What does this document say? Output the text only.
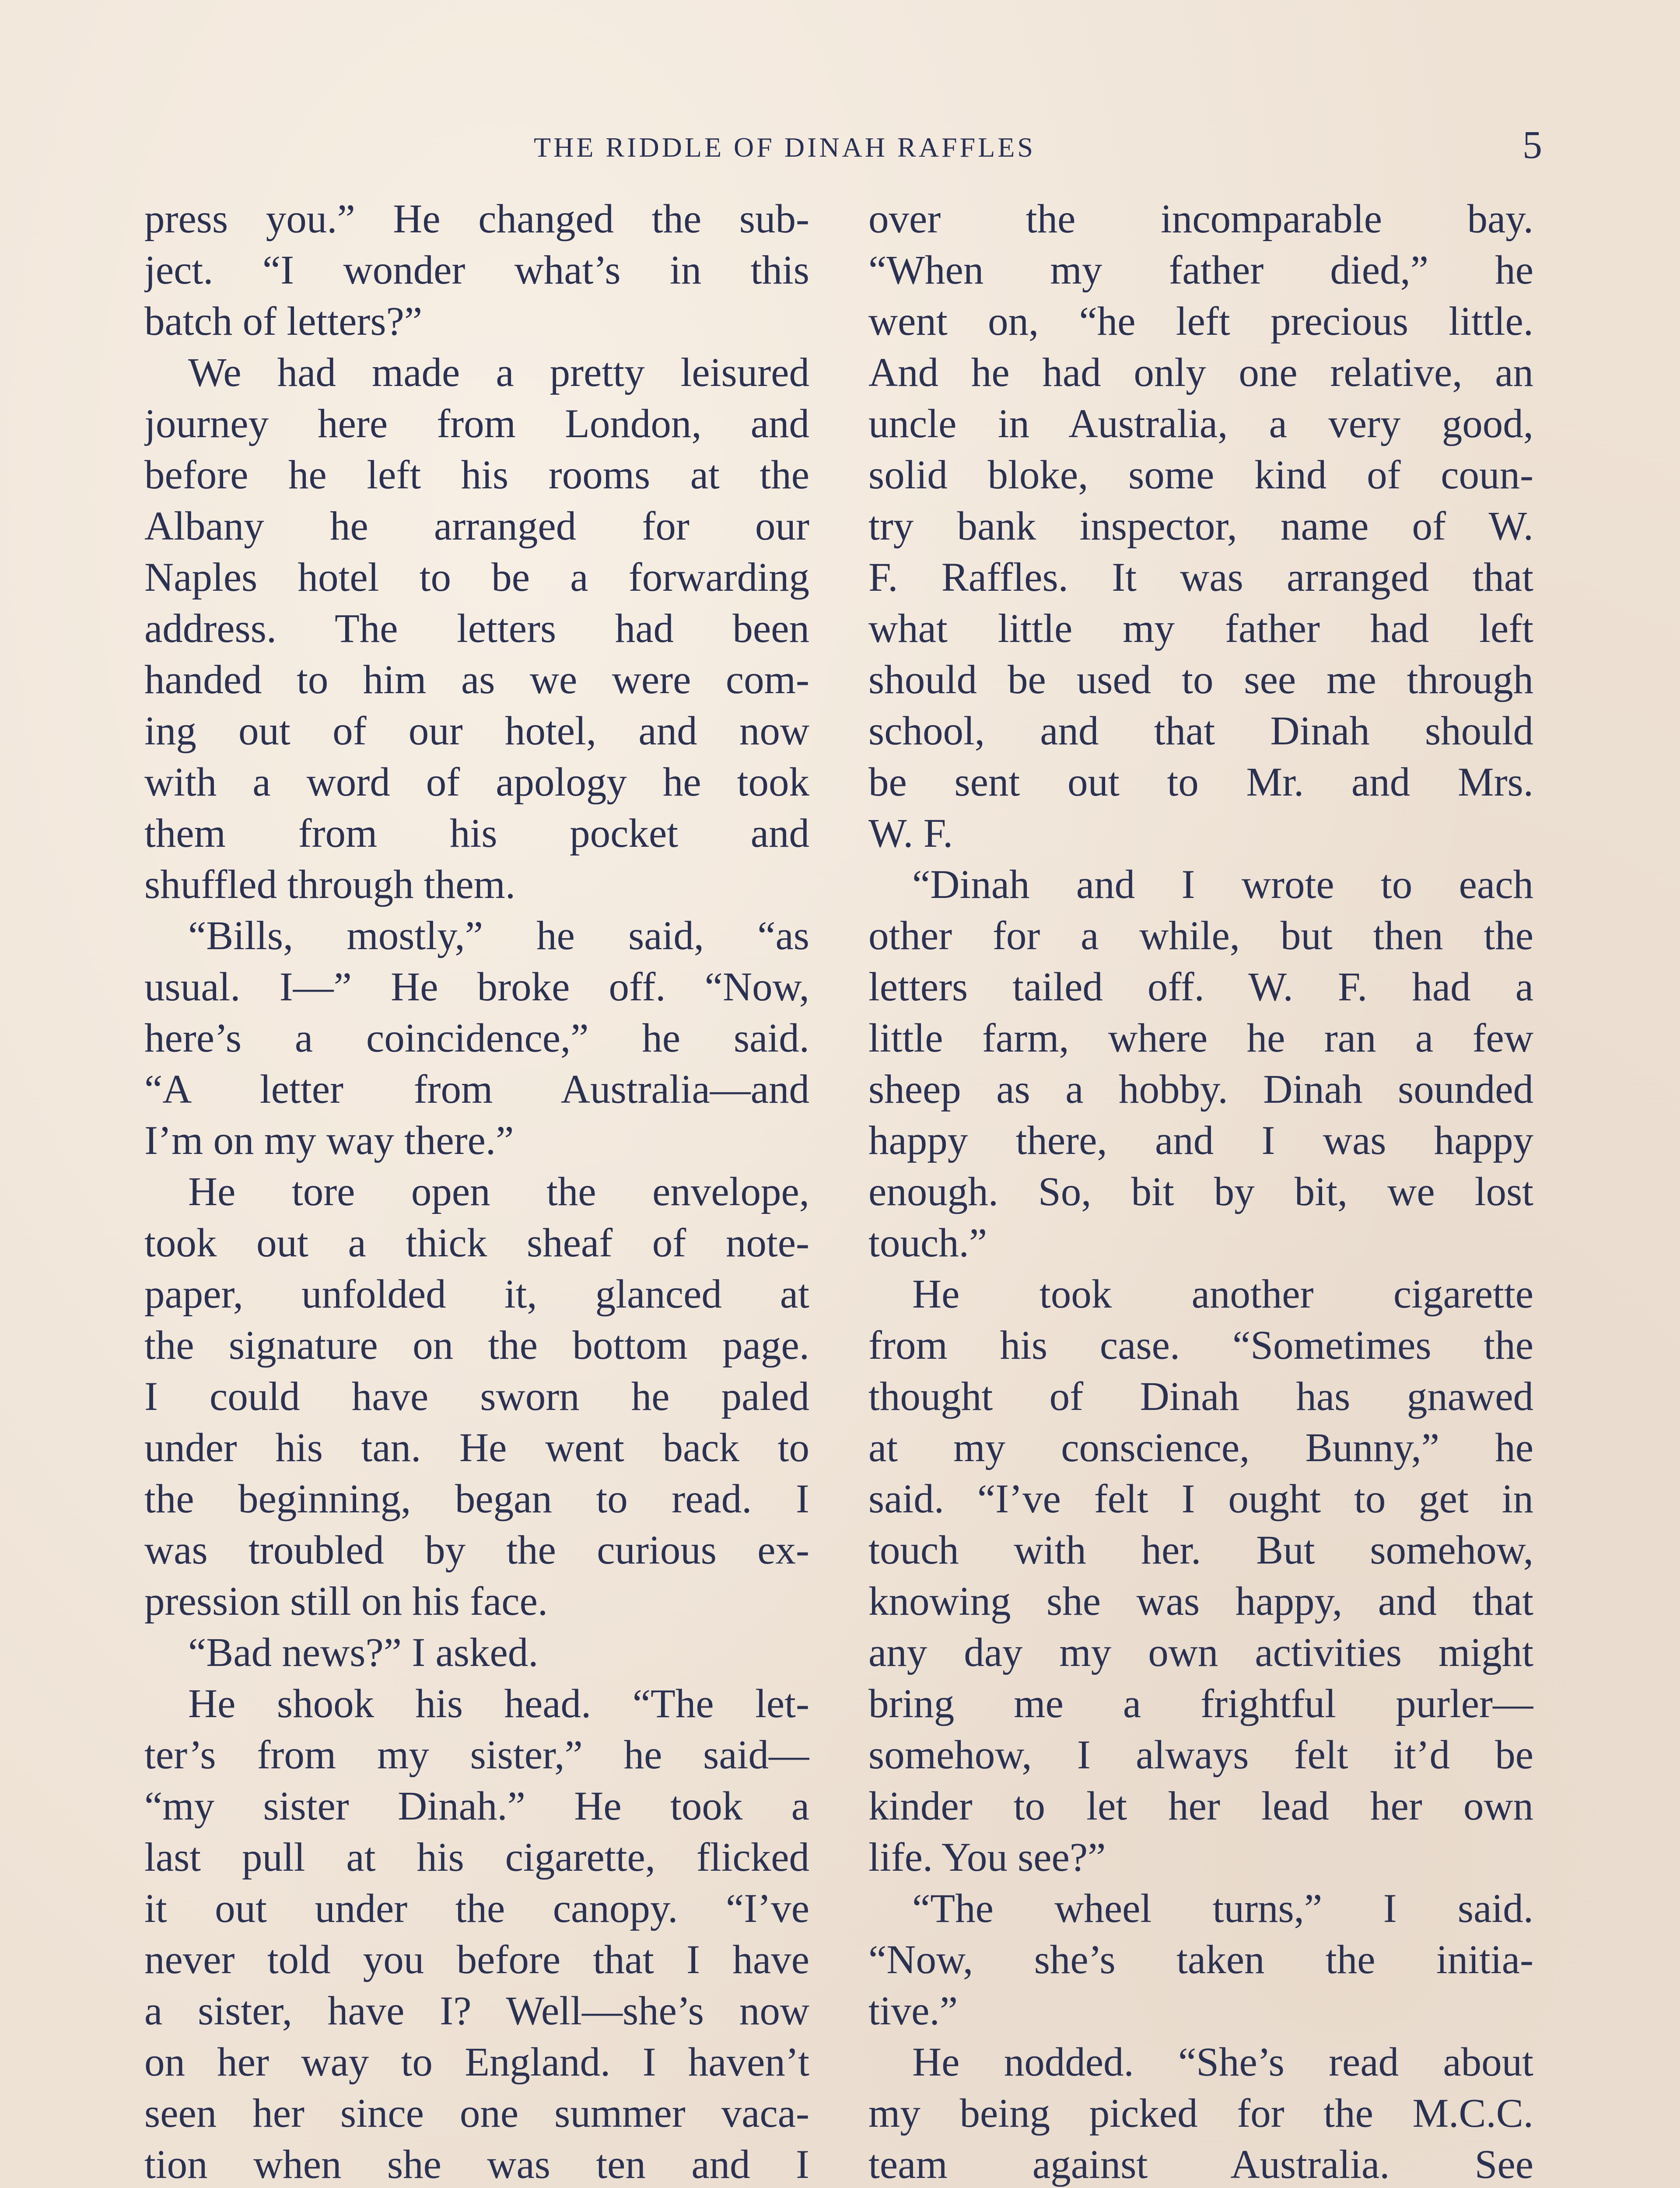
THE RIDDLE OF DINAH RAFFLES	5
press you.” He changed the sub-
ject. “I wonder what’s in this
batch of letters?”
We had made a pretty leisured
journey here from London, and
before he left his rooms at the
Albany he arranged for our
Naples hotel to be a forwarding
address. The letters had been
handed to him as we were com-
ing out of our hotel, and now
with a word of apology he took
them from his pocket and
shuffled through them.
“Bills, mostly,” he said, “as
usual. I—” He broke off. “Now,
here’s a coincidence,” he said.
“A letter from Australia—and
I’m on my way there.”
He tore open the envelope,
took out a thick sheaf of note-
paper, unfolded it, glanced at
the signature on the bottom page.
I could have sworn he paled
under his tan. He went back to
the beginning, began to read. I
was troubled by the curious ex-
pression still on his face.
“Bad news?” I asked.
He shook his head. “The let-
ter’s from my sister,” he said—
“my sister Dinah.” He took a
last pull at his cigarette, flicked
it out under the canopy. “I’ve
never told you before that I have
a sister, have I? Well—she’s now
on her way to England. I haven’t
seen her since one summer vaca-
tion when she was ten and I
over the incomparable bay.
“When my father died,” he
went on, “he left precious little.
And he had only one relative, an
uncle in Australia, a very good,
solid bloke, some kind of coun-
try bank inspector, name of W.
F. Raffles. It was arranged that
what little my father had left
should be used to see me through
school, and that Dinah should
be sent out to Mr. and Mrs.
W. F.
“Dinah and I wrote to each
other for a while, but then the
letters tailed off. W. F. had a
little farm, where he ran a few
sheep as a hobby. Dinah sounded
happy there, and I was happy
enough. So, bit by bit, we lost
touch.”
He took another cigarette
from his case. “Sometimes the
thought of Dinah has gnawed
at my conscience, Bunny,” he
said. “I’ve felt I ought to get in
touch with her. But somehow,
knowing she was happy, and that
any day my own activities might
bring me a frightful purler—
somehow, I always felt it’d be
kinder to let her lead her own
life. You see?”
“The wheel turns,” I said.
“Now, she’s taken the initia-
tive.”
He nodded. “She’s read about
my being picked for the M.C.C.
team against Australia. See
